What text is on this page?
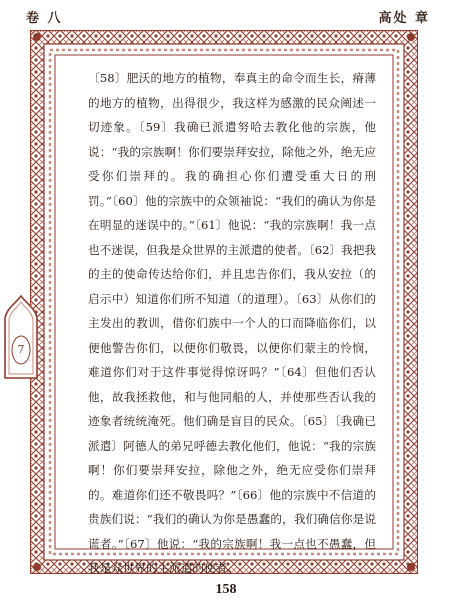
卷 八	高处 章
7

〔58〕肥沃的地方的植物，奉真主的命令而生长，瘠薄的地方的植物，出得很少，我这样为感激的民众阐述一切迹象。〔59〕我确已派遣努哈去教化他的宗族，他说：“我的宗族啊！你们要崇拜安拉，除他之外，绝无应受你们崇拜的。我的确担心你们遭受重大日的刑罚。”〔60〕他的宗族中的众领袖说：“我们的确认为你是在明显的迷误中的。”〔61〕他说：“我的宗族啊！我一点也不迷误，但我是众世界的主派遣的使者。〔62〕我把我的主的使命传达给你们，并且忠告你们，我从安拉（的启示中）知道你们所不知道（的道理）。〔63〕从你们的主发出的教训，借你们族中一个人的口而降临你们，以便他警告你们，以便你们敬畏，以便你们蒙主的怜悯，难道你们对于这件事觉得惊讶吗？”〔64〕但他们否认他，故我拯救他，和与他同船的人，并使那些否认我的迹象者统统淹死。他们确是盲目的民众。〔65〕〔我确已派遣〕阿德人的弟兄呼德去教化他们，他说：“我的宗族啊！你们要崇拜安拉，除他之外，绝无应受你们崇拜的。难道你们还不敬畏吗？”〔66〕他的宗族中不信道的贵族们说：“我们的确认为你是愚蠢的，我们确信你是说谎者。”〔67〕他说：“我的宗族啊！我一点也不愚蠢，但我是众世界的主派遣的使者。

158
